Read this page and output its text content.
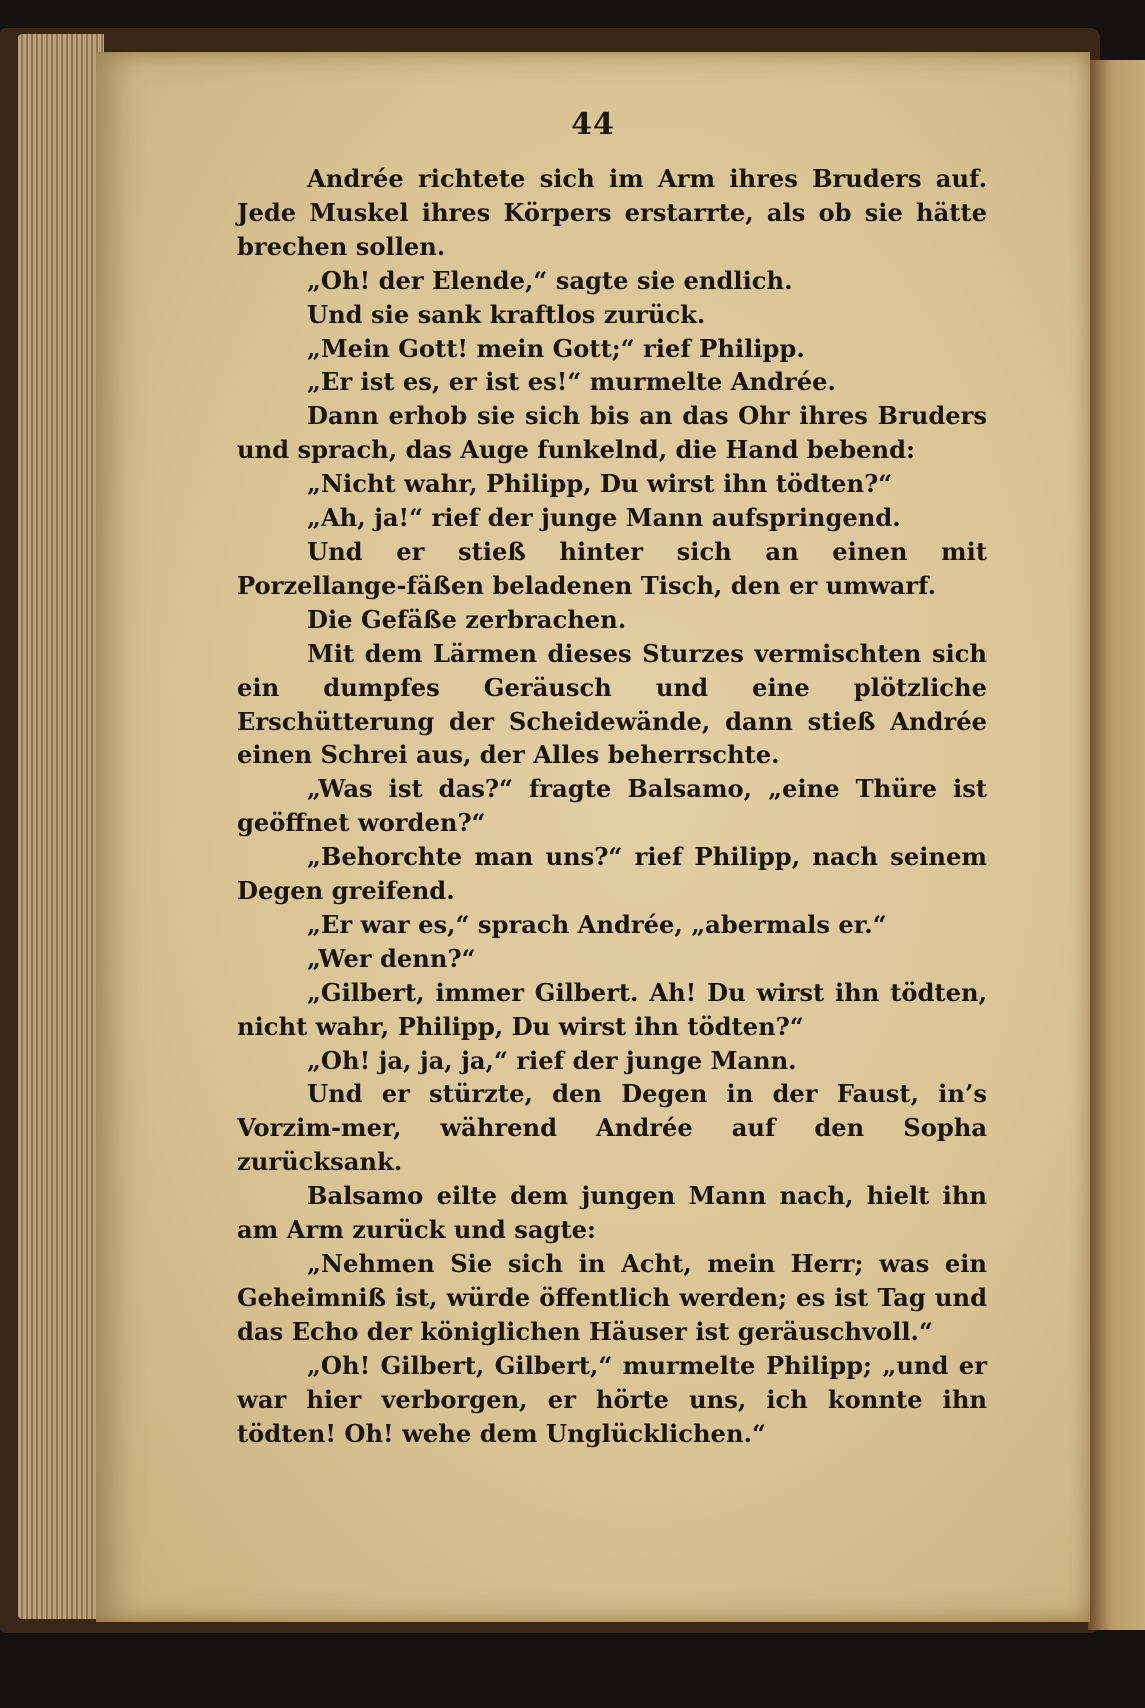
44

Andrée richtete sich im Arm ihres Bruders auf. Jede Muskel ihres Körpers erstarrte, als ob sie hätte brechen sollen.

„Oh! der Elende,“ sagte sie endlich.

Und sie sank kraftlos zurück.

„Mein Gott! mein Gott;“ rief Philipp.

„Er ist es, er ist es!“ murmelte Andrée.

Dann erhob sie sich bis an das Ohr ihres Bruders und sprach, das Auge funkelnd, die Hand bebend:

„Nicht wahr, Philipp, Du wirst ihn tödten?“

„Ah, ja!“ rief der junge Mann aufspringend.

Und er stieß hinter sich an einen mit Porzellange-fäßen beladenen Tisch, den er umwarf.

Die Gefäße zerbrachen.

Mit dem Lärmen dieses Sturzes vermischten sich ein dumpfes Geräusch und eine plötzliche Erschütterung der Scheidewände, dann stieß Andrée einen Schrei aus, der Alles beherrschte.

„Was ist das?“ fragte Balsamo, „eine Thüre ist geöffnet worden?“

„Behorchte man uns?“ rief Philipp, nach seinem Degen greifend.

„Er war es,“ sprach Andrée, „abermals er.“

„Wer denn?“

„Gilbert, immer Gilbert. Ah! Du wirst ihn tödten, nicht wahr, Philipp, Du wirst ihn tödten?“

„Oh! ja, ja, ja,“ rief der junge Mann.

Und er stürzte, den Degen in der Faust, in’s Vorzim-mer, während Andrée auf den Sopha zurücksank.

Balsamo eilte dem jungen Mann nach, hielt ihn am Arm zurück und sagte:

„Nehmen Sie sich in Acht, mein Herr; was ein Geheimniß ist, würde öffentlich werden; es ist Tag und das Echo der königlichen Häuser ist geräuschvoll.“

„Oh! Gilbert, Gilbert,“ murmelte Philipp; „und er war hier verborgen, er hörte uns, ich konnte ihn tödten! Oh! wehe dem Unglücklichen.“
